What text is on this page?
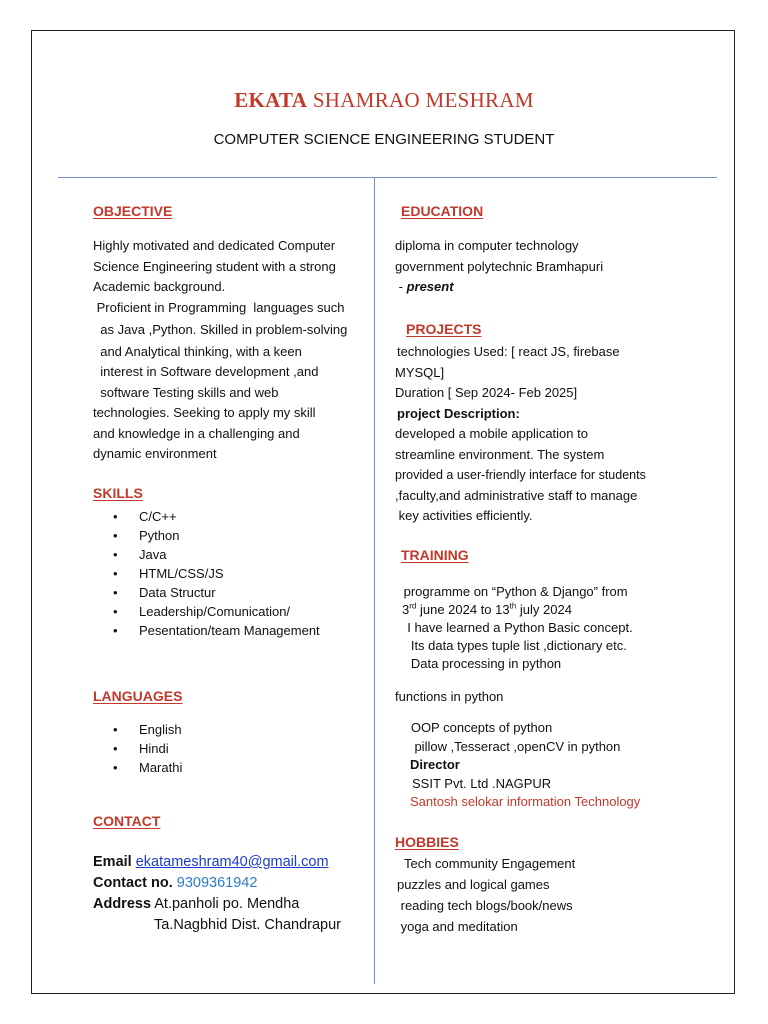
EKATA SHAMRAO MESHRAM
COMPUTER SCIENCE ENGINEERING STUDENT
OBJECTIVE
Highly motivated and dedicated Computer
Science Engineering student with a strong
Academic background.
Proficient in Programming  languages such
as Java ,Python. Skilled in problem-solving
and Analytical thinking, with a keen
interest in Software development ,and
software Testing skills and web
technologies. Seeking to apply my skill
and knowledge in a challenging and
dynamic environment
SKILLS
• C/C++
• Python
• Java
• HTML/CSS/JS
• Data Structur
• Leadership/Comunication/
• Pesentation/team Management
LANGUAGES
• English
• Hindi
• Marathi
CONTACT
Email ekatameshram40@gmail.com
Contact no. 9309361942
Address At.panholi po. Mendha
Ta.Nagbhid Dist. Chandrapur
EDUCATION
diploma in computer technology
government polytechnic Bramhapuri
- present
PROJECTS
technologies Used: [ react JS, firebase
MYSQL]
Duration [ Sep 2024- Feb 2025]
project Description:
developed a mobile application to
streamline environment. The system
provided a user-friendly interface for students
,faculty,and administrative staff to manage
key activities efficiently.
TRAINING
programme on “Python & Django” from
3rd june 2024 to 13th july 2024
I have learned a Python Basic concept.
Its data types tuple list ,dictionary etc.
Data processing in python
functions in python
OOP concepts of python
pillow ,Tesseract ,openCV in python
Director
SSIT Pvt. Ltd .NAGPUR
Santosh selokar information Technology
HOBBIES
Tech community Engagement
puzzles and logical games
reading tech blogs/book/news
yoga and meditation
